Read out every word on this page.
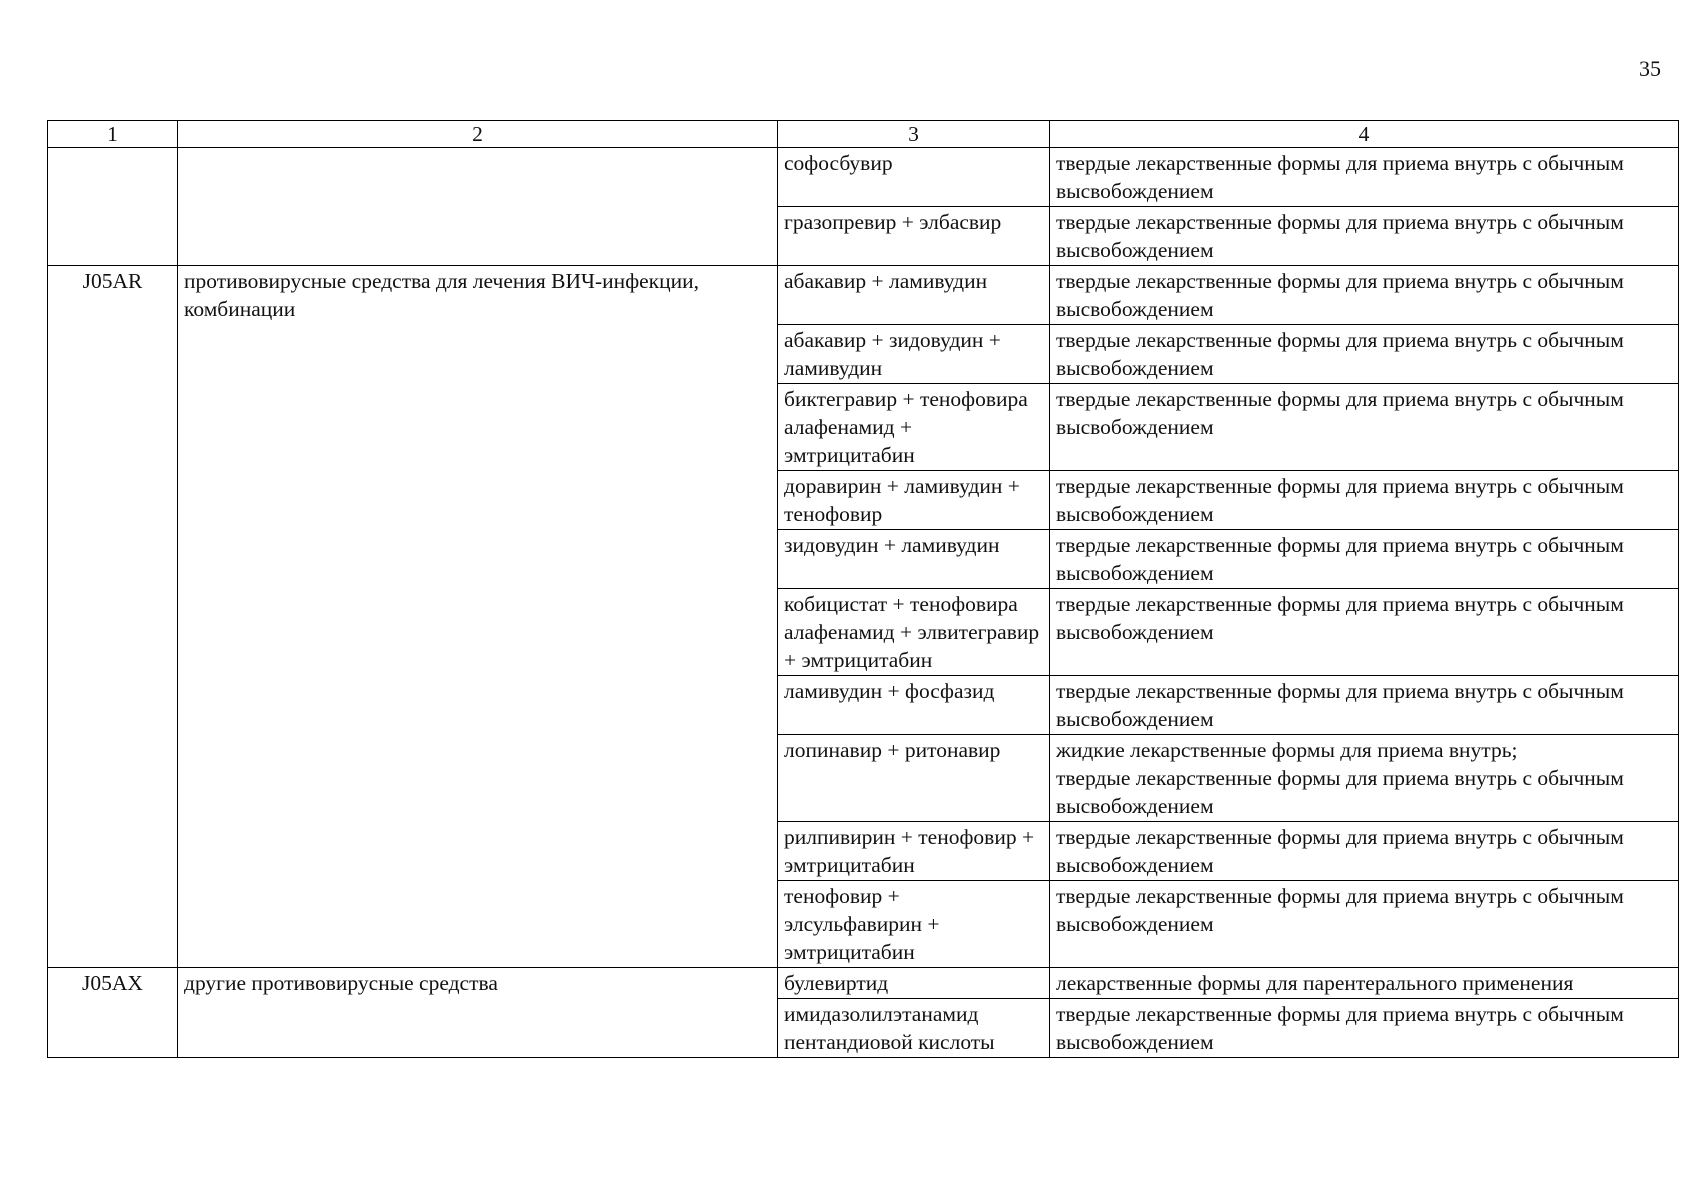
35
1	2	3	4
		софосбувир	твердые лекарственные формы для приема внутрь с обычным высвобождением

		гразопревир + элбасвир	твердые лекарственные формы для приема внутрь с обычным высвобождением

J05AR	противовирусные средства для лечения ВИЧ-инфекции, комбинации	абакавир + ламивудин	твердые лекарственные формы для приема внутрь с обычным высвобождением

		абакавир + зидовудин + ламивудин	твердые лекарственные формы для приема внутрь с обычным высвобождением

		биктегравир + тенофовира алафенамид + эмтрицитабин	твердые лекарственные формы для приема внутрь с обычным высвобождением

		доравирин + ламивудин + тенофовир	твердые лекарственные формы для приема внутрь с обычным высвобождением

		зидовудин + ламивудин	твердые лекарственные формы для приема внутрь с обычным высвобождением

		кобицистат + тенофовира алафенамид + элвитегравир + эмтрицитабин	твердые лекарственные формы для приема внутрь с обычным высвобождением

		ламивудин + фосфазид	твердые лекарственные формы для приема внутрь с обычным высвобождением

		лопинавир + ритонавир	жидкие лекарственные формы для приема внутрь;
твердые лекарственные формы для приема внутрь с обычным высвобождением

		рилпивирин + тенофовир + эмтрицитабин	твердые лекарственные формы для приема внутрь с обычным высвобождением

		тенофовир + элсульфавирин + эмтрицитабин	твердые лекарственные формы для приема внутрь с обычным высвобождением

J05AX	другие противовирусные средства	булевиртид	лекарственные формы для парентерального применения

		имидазолилэтанамид пентандиовой кислоты	твердые лекарственные формы для приема внутрь с обычным высвобождением
